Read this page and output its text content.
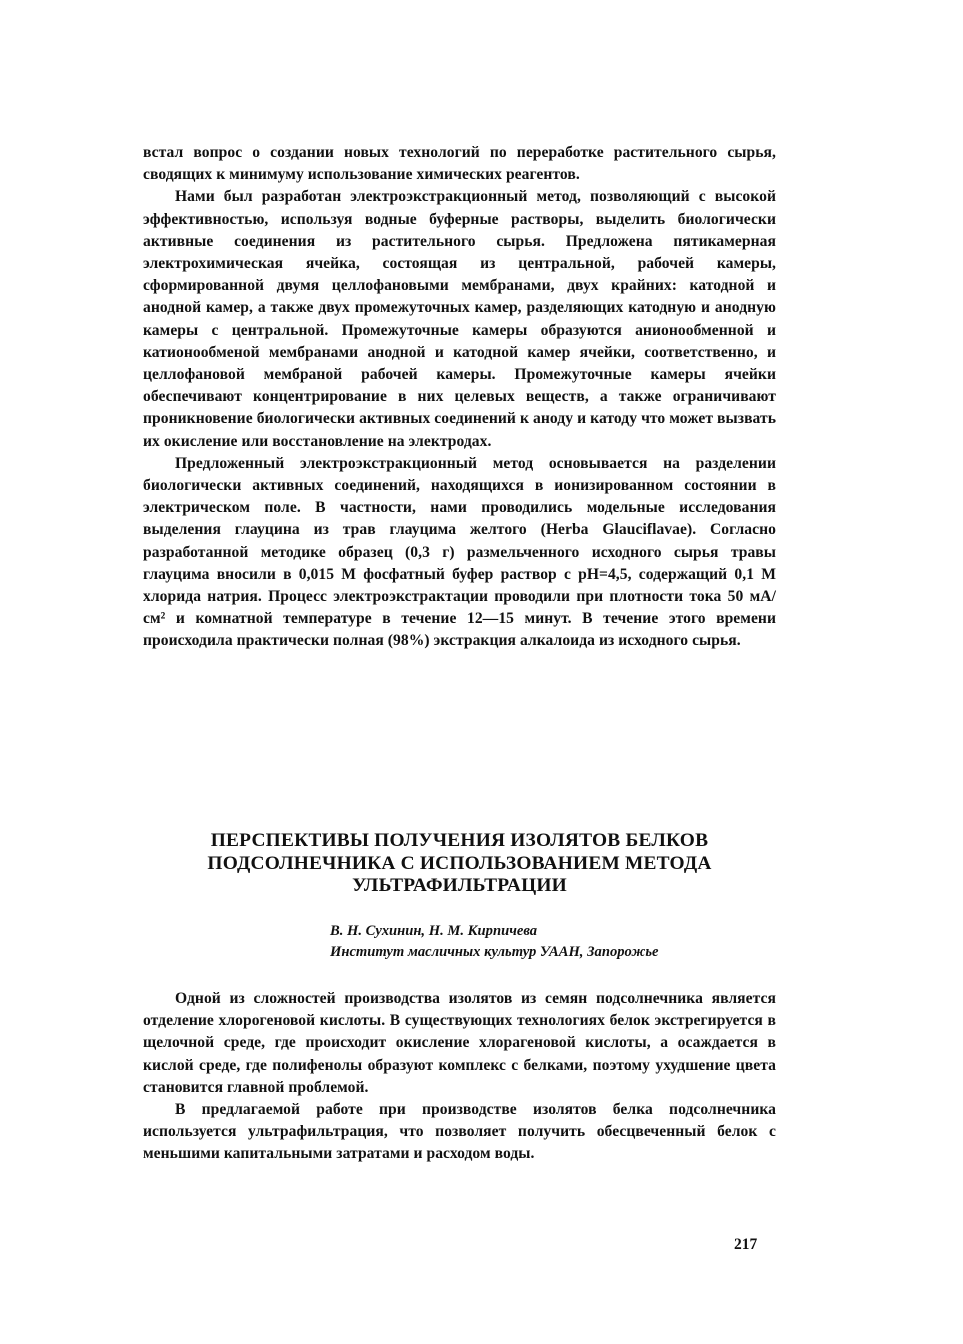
встал вопрос о создании новых технологий по переработке растительного сырья, сводящих к минимуму использование химических реагентов.

Нами был разработан электроэкстракционный метод, позволяющий с высокой эффективностью, используя водные буферные растворы, выделить биологически активные соединения из растительного сырья. Предложена пятикамерная электрохимическая ячейка, состоящая из центральной, рабочей камеры, сформированной двумя целлофановыми мембранами, двух крайних: катодной и анодной камер, а также двух промежуточных камер, разделяющих катодную и анодную камеры с центральной. Промежуточные камеры образуются анионообменной и катионообменой мембранами анодной и катодной камер ячейки, соответственно, и целлофановой мембраной рабочей камеры. Промежуточные камеры ячейки обеспечивают концентрирование в них целевых веществ, а также ограничивают проникновение биологически активных соединений к аноду и катоду что может вызвать их окисление или восстановление на электродах.

Предложенный электроэкстракционный метод основывается на разделении биологически активных соединений, находящихся в ионизированном состоянии в электрическом поле. В частности, нами проводились модельные исследования выделения глауцина из трав глауцима желтого (Herba Glauciflavae). Согласно разработанной методике образец (0,3 г) размельченного исходного сырья травы глауцима вносили в 0,015 М фосфатный буфер раствор с pH=4,5, содержащий 0,1 М хлорида натрия. Процесс электроэкстрактации проводили при плотности тока 50 мА/см² и комнатной температуре в течение 12—15 минут. В течение этого времени происходила практически полная (98%) экстракция алкалоида из исходного сырья.

ПЕРСПЕКТИВЫ ПОЛУЧЕНИЯ ИЗОЛЯТОВ БЕЛКОВ
ПОДСОЛНЕЧНИКА С ИСПОЛЬЗОВАНИЕМ МЕТОДА
УЛЬТРАФИЛЬТРАЦИИ
В. Н. Сухинин, Н. М. Кирпичева
Институт масличных культур УААН, Запорожье

Одной из сложностей производства изолятов из семян подсолнечника является отделение хлорогеновой кислоты. В существующих технологиях белок экстрегируется в щелочной среде, где происходит окисление хлорагеновой кислоты, а осаждается в кислой среде, где полифенолы образуют комплекс с белками, поэтому ухудшение цвета становится главной проблемой.

В предлагаемой работе при производстве изолятов белка подсолнечника используется ультрафильтрация, что позволяет получить обесцвеченный белок с меньшими капитальными затратами и расходом воды.

217
